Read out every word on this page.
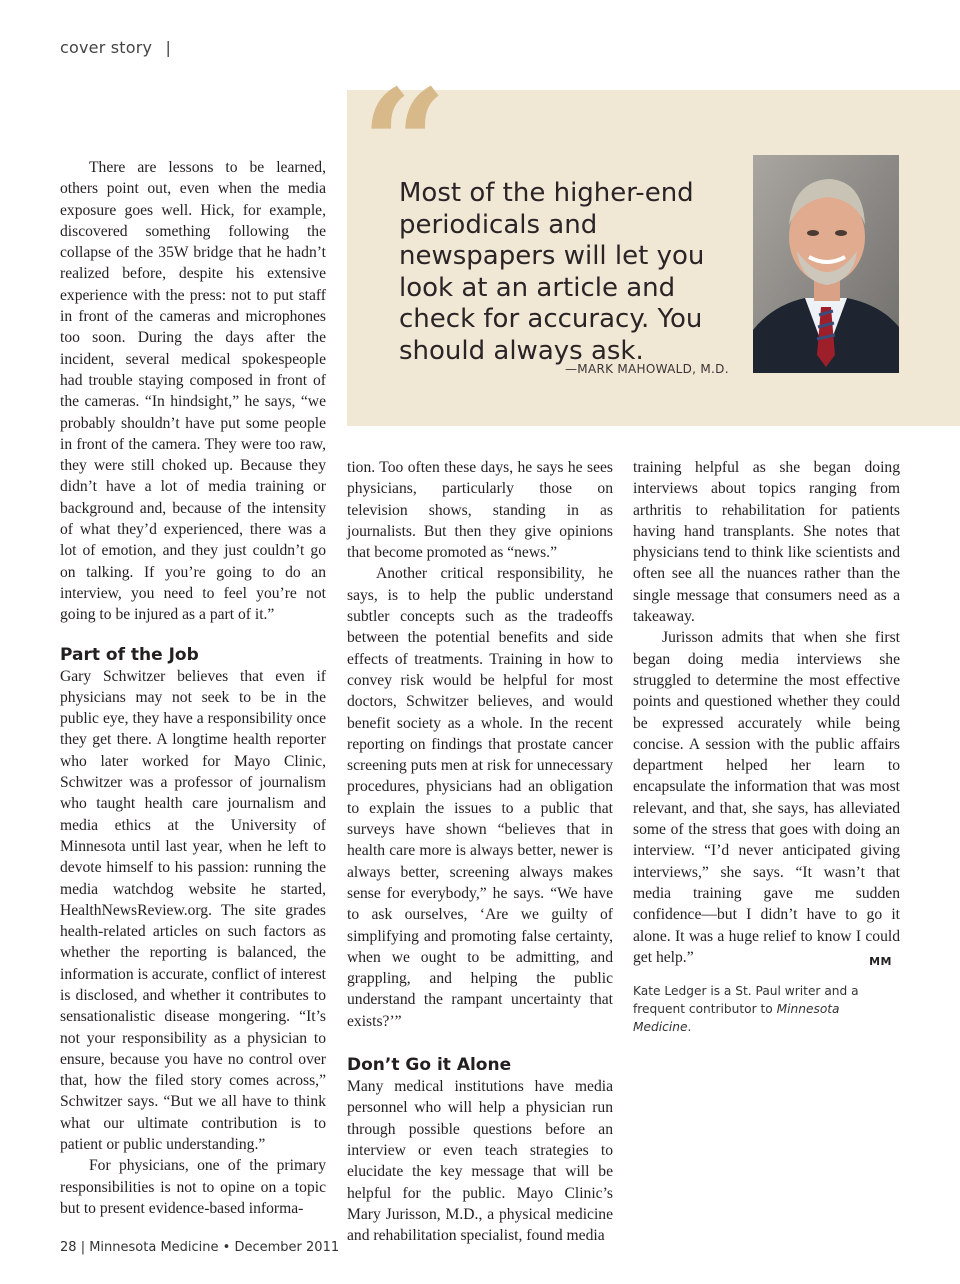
cover story |
“
Most of the higher-end periodicals and newspapers will let you look at an article and check for accuracy. You should always ask.
—MARK MAHOWALD, M.D.

There are lessons to be learned, others point out, even when the media exposure goes well. Hick, for example, discovered something following the collapse of the 35W bridge that he hadn’t realized before, despite his extensive experience with the press: not to put staff in front of the cameras and microphones too soon. During the days after the incident, several medical spokespeople had trouble staying composed in front of the cameras. “In hindsight,” he says, “we probably shouldn’t have put some people in front of the camera. They were too raw, they were still choked up. Because they didn’t have a lot of media training or background and, because of the intensity of what they’d experienced, there was a lot of emotion, and they just couldn’t go on talking. If you’re going to do an interview, you need to feel you’re not going to be injured as a part of it.”

Part of the Job

Gary Schwitzer believes that even if physicians may not seek to be in the public eye, they have a responsibility once they get there. A longtime health reporter who later worked for Mayo Clinic, Schwitzer was a professor of journalism who taught health care journalism and media ethics at the University of Minnesota until last year, when he left to devote himself to his passion: running the media watchdog website he started, HealthNewsReview.org. The site grades health-related articles on such factors as whether the reporting is balanced, the information is accurate, conflict of interest is disclosed, and whether it contributes to sensationalistic disease mongering. “It’s not your responsibility as a physician to ensure, because you have no control over that, how the filed story comes across,” Schwitzer says. “But we all have to think what our ultimate contribution is to patient or public understanding.”

For physicians, one of the primary responsibilities is not to opine on a topic but to present evidence-based informa-

tion. Too often these days, he says he sees physicians, particularly those on television shows, standing in as journalists. But then they give opinions that become promoted as “news.”

Another critical responsibility, he says, is to help the public understand subtler concepts such as the tradeoffs between the potential benefits and side effects of treatments. Training in how to convey risk would be helpful for most doctors, Schwitzer believes, and would benefit society as a whole. In the recent reporting on findings that prostate cancer screening puts men at risk for unnecessary procedures, physicians had an obligation to explain the issues to a public that surveys have shown “believes that in health care more is always better, newer is always better, screening always makes sense for everybody,” he says. “We have to ask ourselves, ‘Are we guilty of simplifying and promoting false certainty, when we ought to be admitting, and grappling, and helping the public understand the rampant uncertainty that exists?’”

Don’t Go it Alone

Many medical institutions have media personnel who will help a physician run through possible questions before an interview or even teach strategies to elucidate the key message that will be helpful for the public. Mayo Clinic’s Mary Jurisson, M.D., a physical medicine and rehabilitation specialist, found media

training helpful as she began doing interviews about topics ranging from arthritis to rehabilitation for patients having hand transplants. She notes that physicians tend to think like scientists and often see all the nuances rather than the single message that consumers need as a takeaway.

Jurisson admits that when she first began doing media interviews she struggled to determine the most effective points and questioned whether they could be expressed accurately while being concise. A session with the public affairs department helped her learn to encapsulate the information that was most relevant, and that, she says, has alleviated some of the stress that goes with doing an interview. “I’d never anticipated giving interviews,” she says. “It wasn’t that media training gave me sudden confidence—but I didn’t have to go it alone. It was a huge relief to know I could get help.”	MM

Kate Ledger is a St. Paul writer and a frequent contributor to Minnesota Medicine.
28 | Minnesota Medicine • December 2011
